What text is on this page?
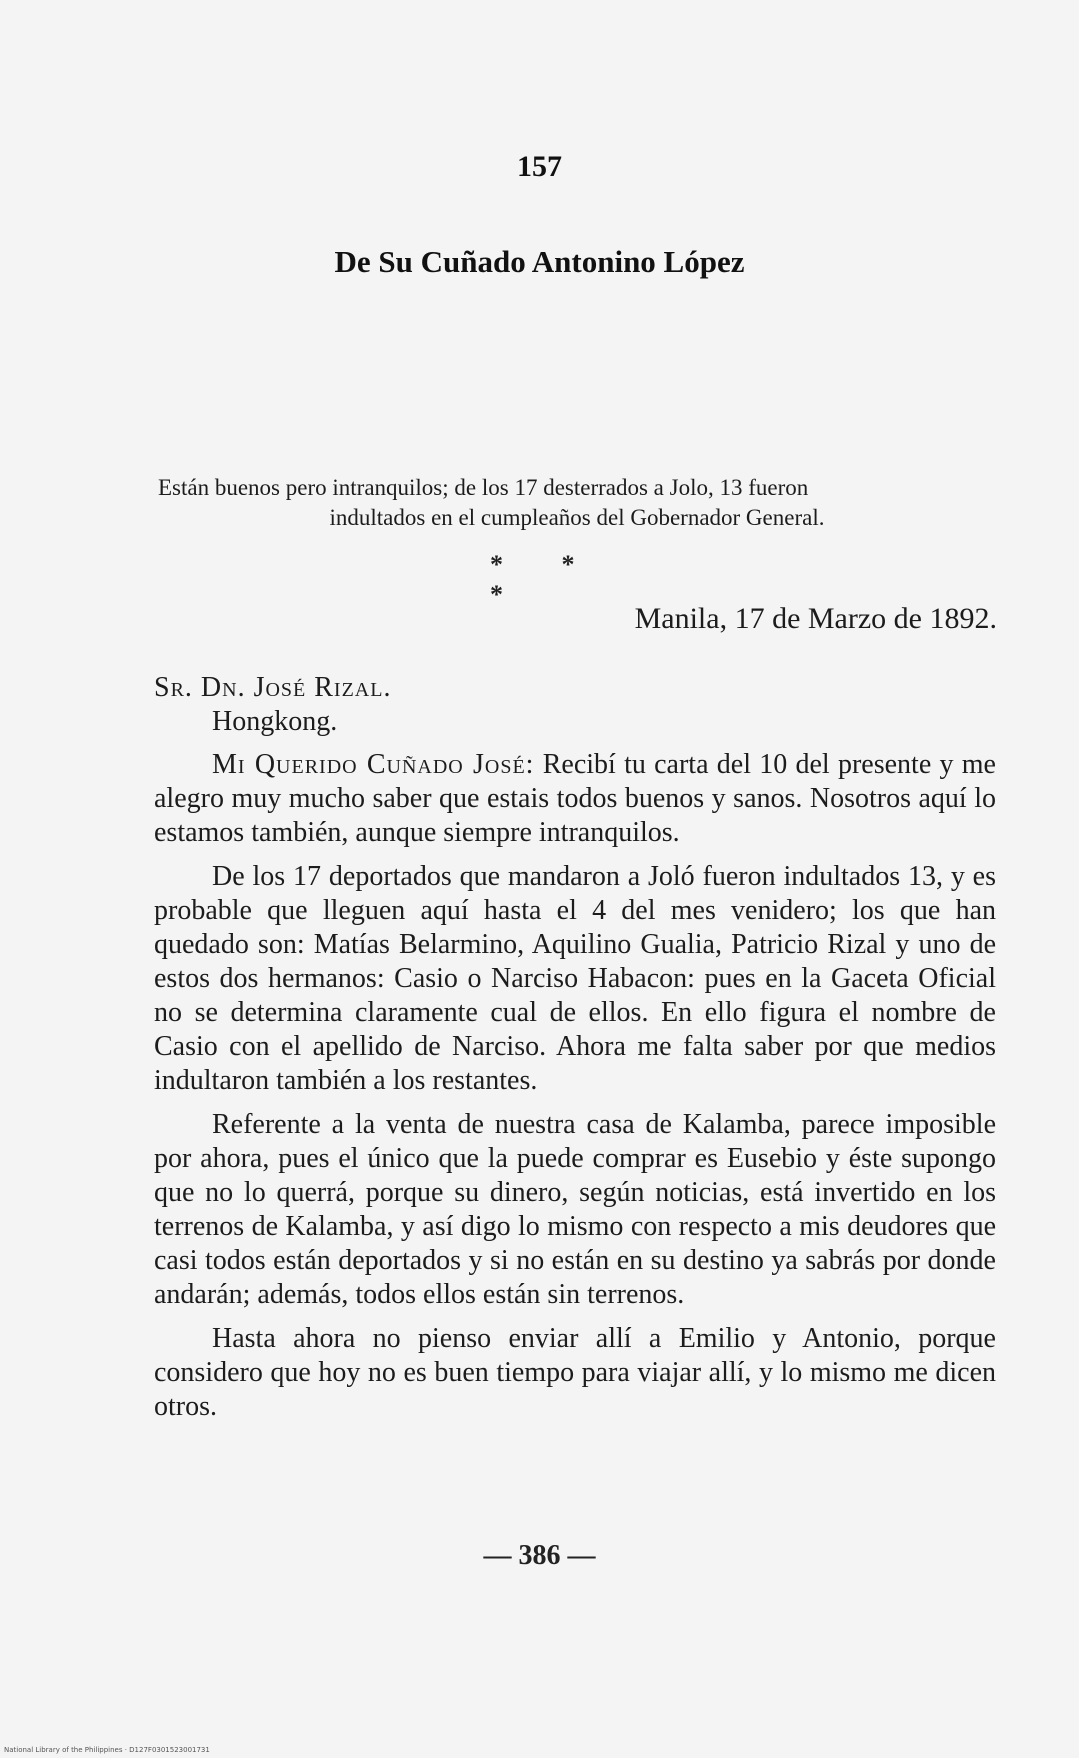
157
De Su Cuñado Antonino López
Están buenos pero intranquilos; de los 17 desterrados a Jolo, 13 fueron
indultados en el cumpleaños del Gobernador General.
* * *
Manila, 17 de Marzo de 1892.
Sr. Dn. José Rizal.
Hongkong.

Mi Querido Cuñado José: Recibí tu carta del 10 del presente y me alegro muy mucho saber que estais todos buenos y sanos. Nosotros aquí lo estamos también, aunque siempre intranquilos.

De los 17 deportados que mandaron a Joló fueron indultados 13, y es probable que lleguen aquí hasta el 4 del mes venidero; los que han quedado son: Matías Belarmino, Aquilino Gualia, Patricio Rizal y uno de estos dos hermanos: Casio o Narciso Habacon: pues en la Gaceta Oficial no se determina claramente cual de ellos. En ello figura el nombre de Casio con el apellido de Narciso. Ahora me falta saber por que medios indultaron también a los restantes.

Referente a la venta de nuestra casa de Kalamba, parece imposible por ahora, pues el único que la puede comprar es Eusebio y éste supongo que no lo querrá, porque su dinero, según noticias, está invertido en los terrenos de Kalamba, y así digo lo mismo con respecto a mis deudores que casi todos están deportados y si no están en su destino ya sabrás por donde andarán; además, todos ellos están sin terrenos.

Hasta ahora no pienso enviar allí a Emilio y Antonio, porque considero que hoy no es buen tiempo para viajar allí, y lo mismo me dicen otros.

— 386 —
National Library of the Philippines · D127F0301523001731
